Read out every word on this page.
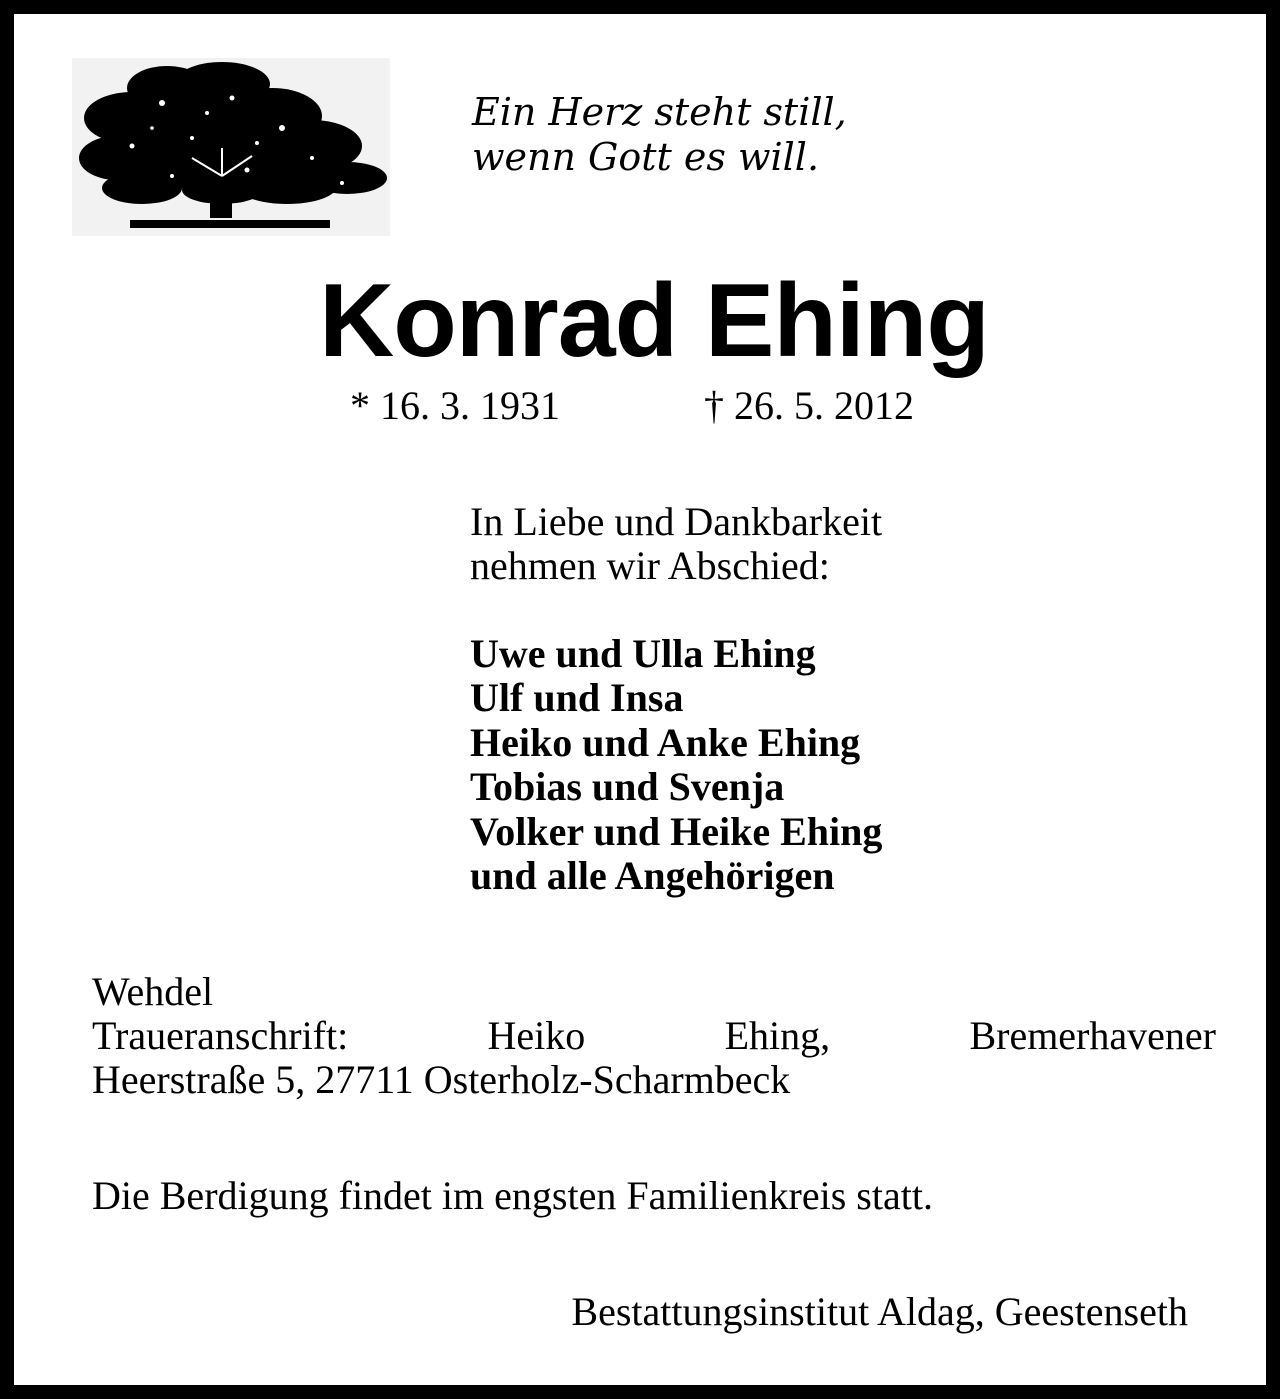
Ein Herz steht still,
wenn Gott es will.
Konrad Ehing
* 16. 3. 1931	† 26. 5. 2012
In Liebe und Dankbarkeit
nehmen wir Abschied:
Uwe und Ulla Ehing
Ulf und Insa
Heiko und Anke Ehing
Tobias und Svenja
Volker und Heike Ehing
und alle Angehörigen
Wehdel
Traueranschrift:	Heiko	Ehing,	Bremerhavener
Heerstraße 5, 27711 Osterholz-Scharmbeck
Die Berdigung findet im engsten Familienkreis statt.
Bestattungsinstitut Aldag, Geestenseth
